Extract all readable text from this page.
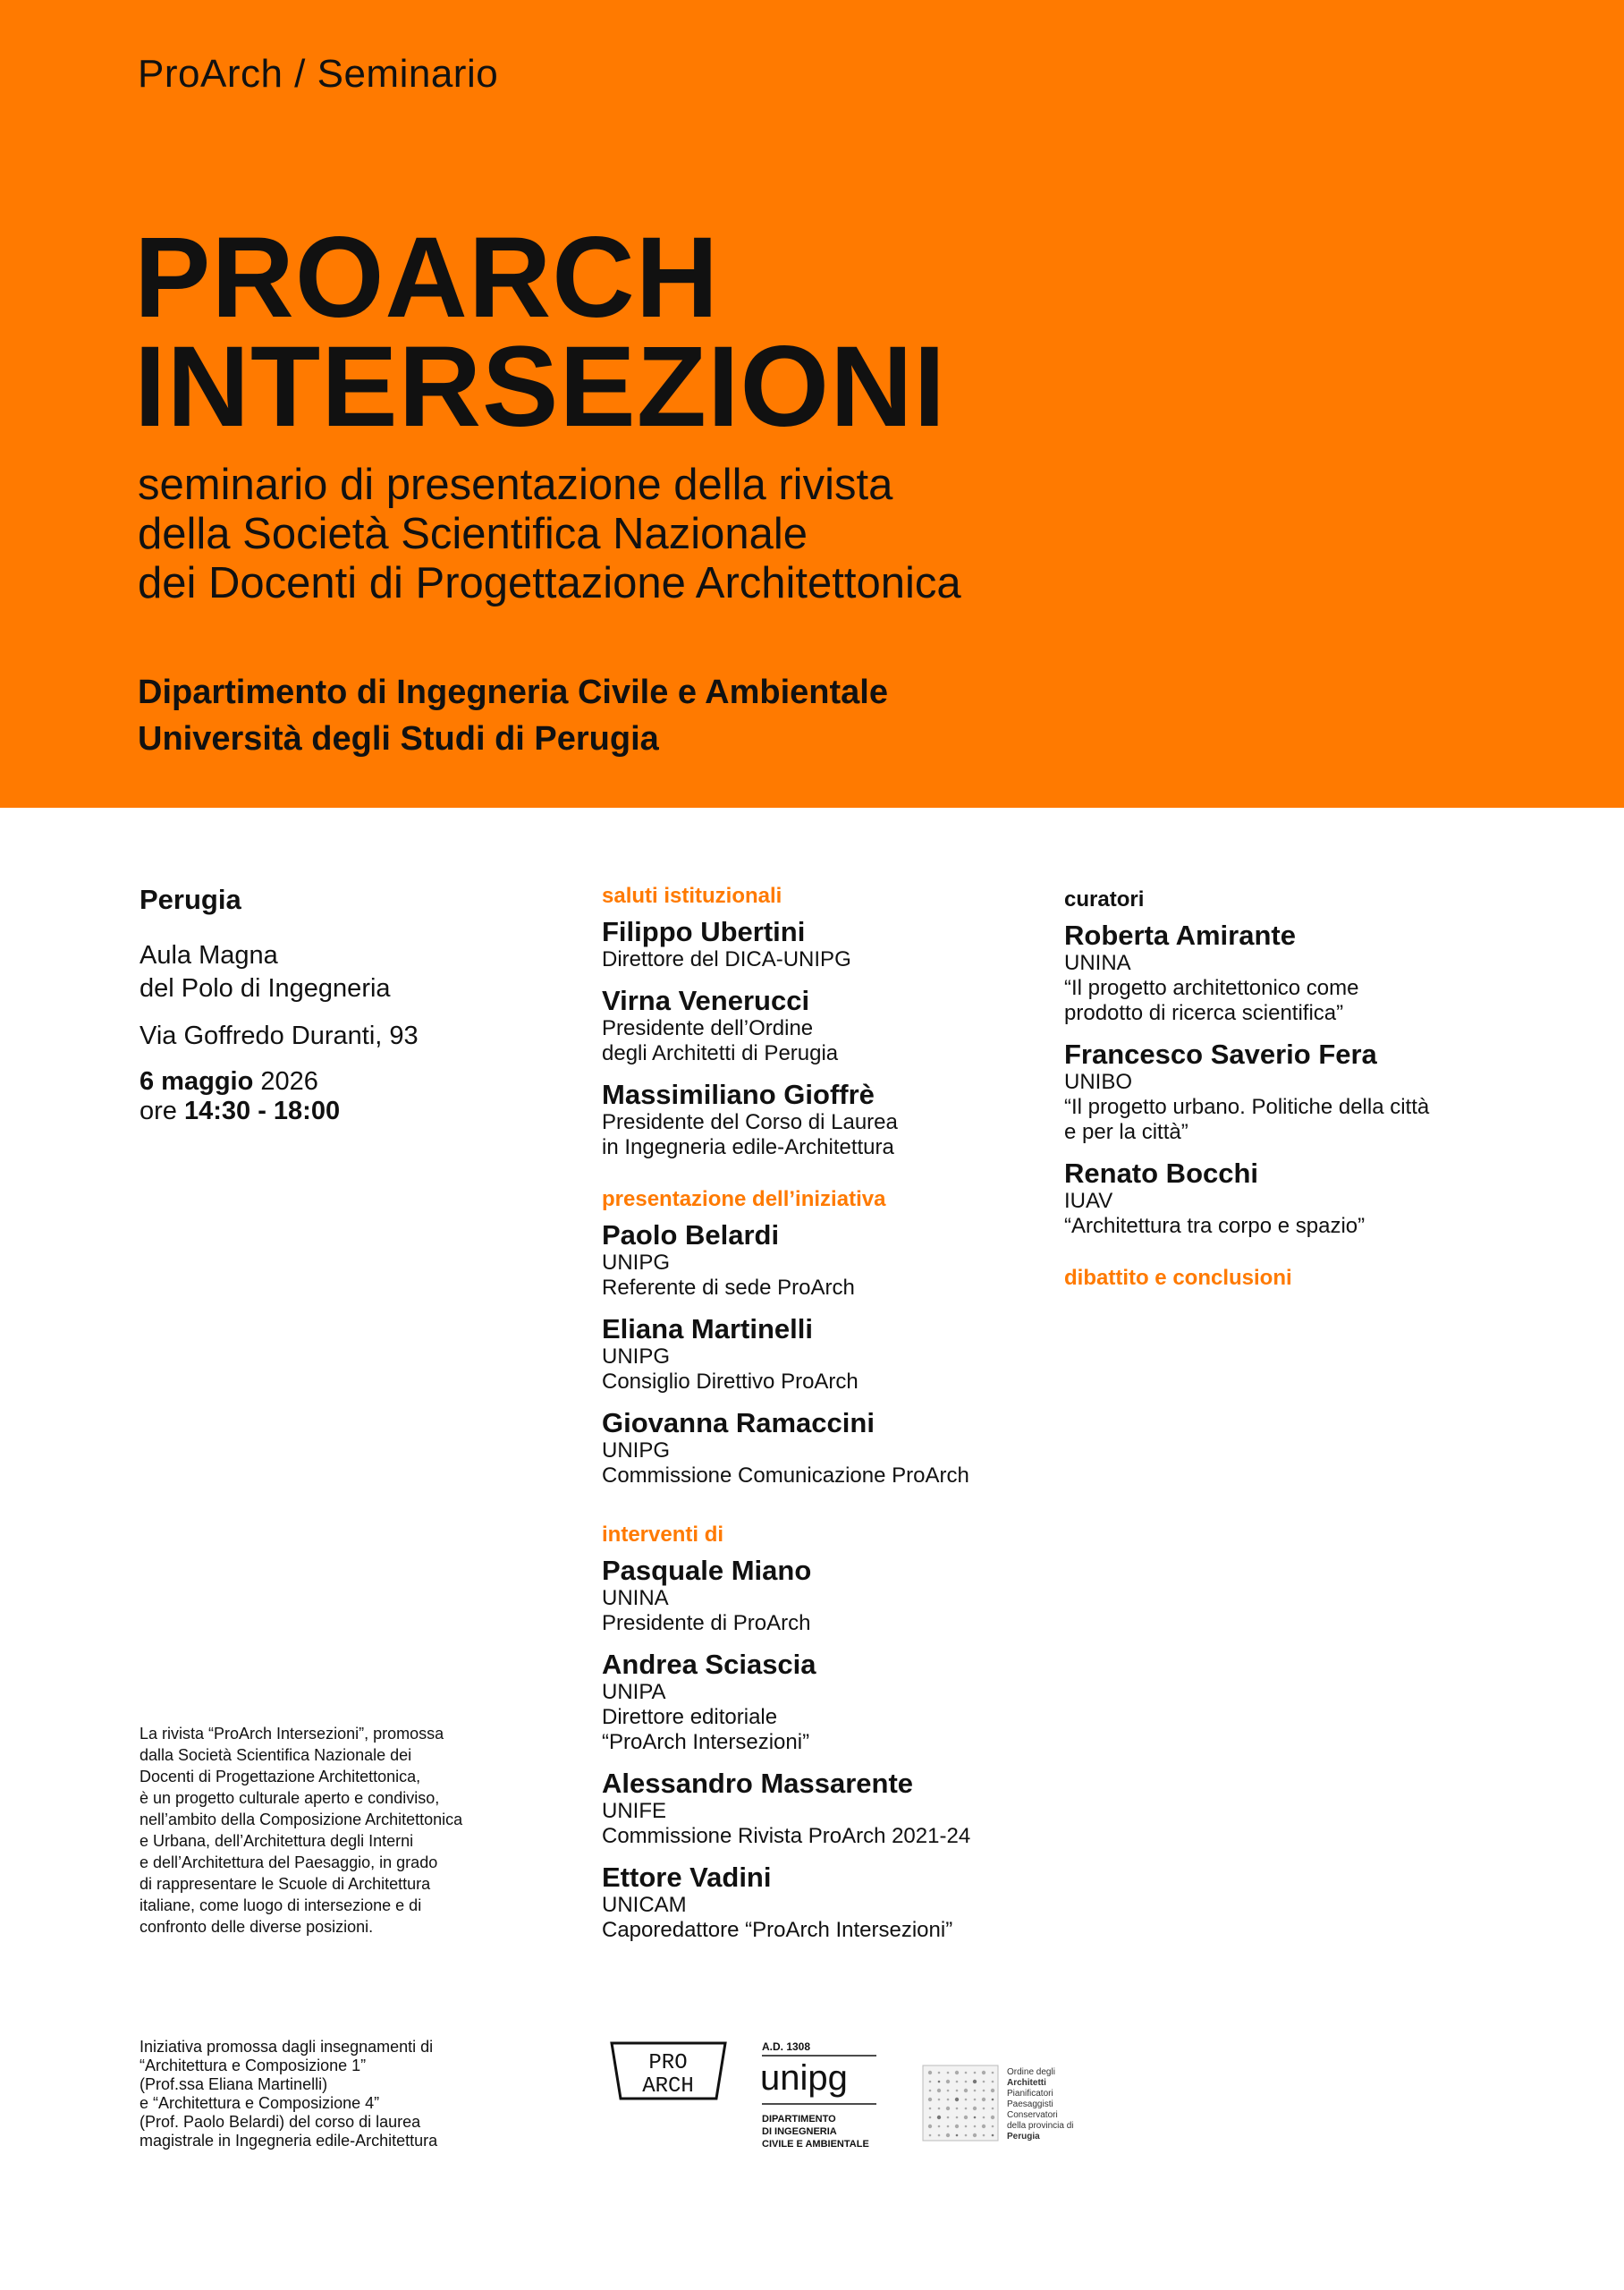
ProArch / Seminario
PROARCH
INTERSEZIONI
seminario di presentazione della rivista
della Società Scientifica Nazionale
dei Docenti di Progettazione Architettonica
Dipartimento di Ingegneria Civile e Ambientale
Università degli Studi di Perugia
Perugia
Aula Magna
del Polo di Ingegneria
Via Goffredo Duranti, 93
6 maggio 2026
ore 14:30 - 18:00
saluti istituzionali
Filippo Ubertini
Direttore del DICA-UNIPG
Virna Venerucci
Presidente dell’Ordine
degli Architetti di Perugia
Massimiliano Gioffrè
Presidente del Corso di Laurea
in Ingegneria edile-Architettura
presentazione dell’iniziativa
Paolo Belardi
UNIPG
Referente di sede ProArch
Eliana Martinelli
UNIPG
Consiglio Direttivo ProArch
Giovanna Ramaccini
UNIPG
Commissione Comunicazione ProArch
interventi di
Pasquale Miano
UNINA
Presidente di ProArch
Andrea Sciascia
UNIPA
Direttore editoriale
“ProArch Intersezioni”
Alessandro Massarente
UNIFE
Commissione Rivista ProArch 2021-24
Ettore Vadini
UNICAM
Caporedattore “ProArch Intersezioni”
curatori
Roberta Amirante
UNINA
“Il progetto architettonico come
prodotto di ricerca scientifica”
Francesco Saverio Fera
UNIBO
“Il progetto urbano. Politiche della città
e per la città”
Renato Bocchi
IUAV
“Architettura tra corpo e spazio”
dibattito e conclusioni
La rivista “ProArch Intersezioni”, promossa
dalla Società Scientifica Nazionale dei
Docenti di Progettazione Architettonica,
è un progetto culturale aperto e condiviso,
nell’ambito della Composizione Architettonica
e Urbana, dell’Architettura degli Interni
e dell’Architettura del Paesaggio, in grado
di rappresentare le Scuole di Architettura
italiane, come luogo di intersezione e di
confronto delle diverse posizioni.
Iniziativa promossa dagli insegnamenti di
“Architettura e Composizione 1”
(Prof.ssa Eliana Martinelli)
e “Architettura e Composizione 4”
(Prof. Paolo Belardi) del corso di laurea
magistrale in Ingegneria edile-Architettura
PRO
ARCH
A.D. 1308
unipg
DIPARTIMENTO
DI INGEGNERIA
CIVILE E AMBIENTALE
Ordine degli
Architetti
Pianificatori
Paesaggisti
Conservatori
della provincia di
Perugia
